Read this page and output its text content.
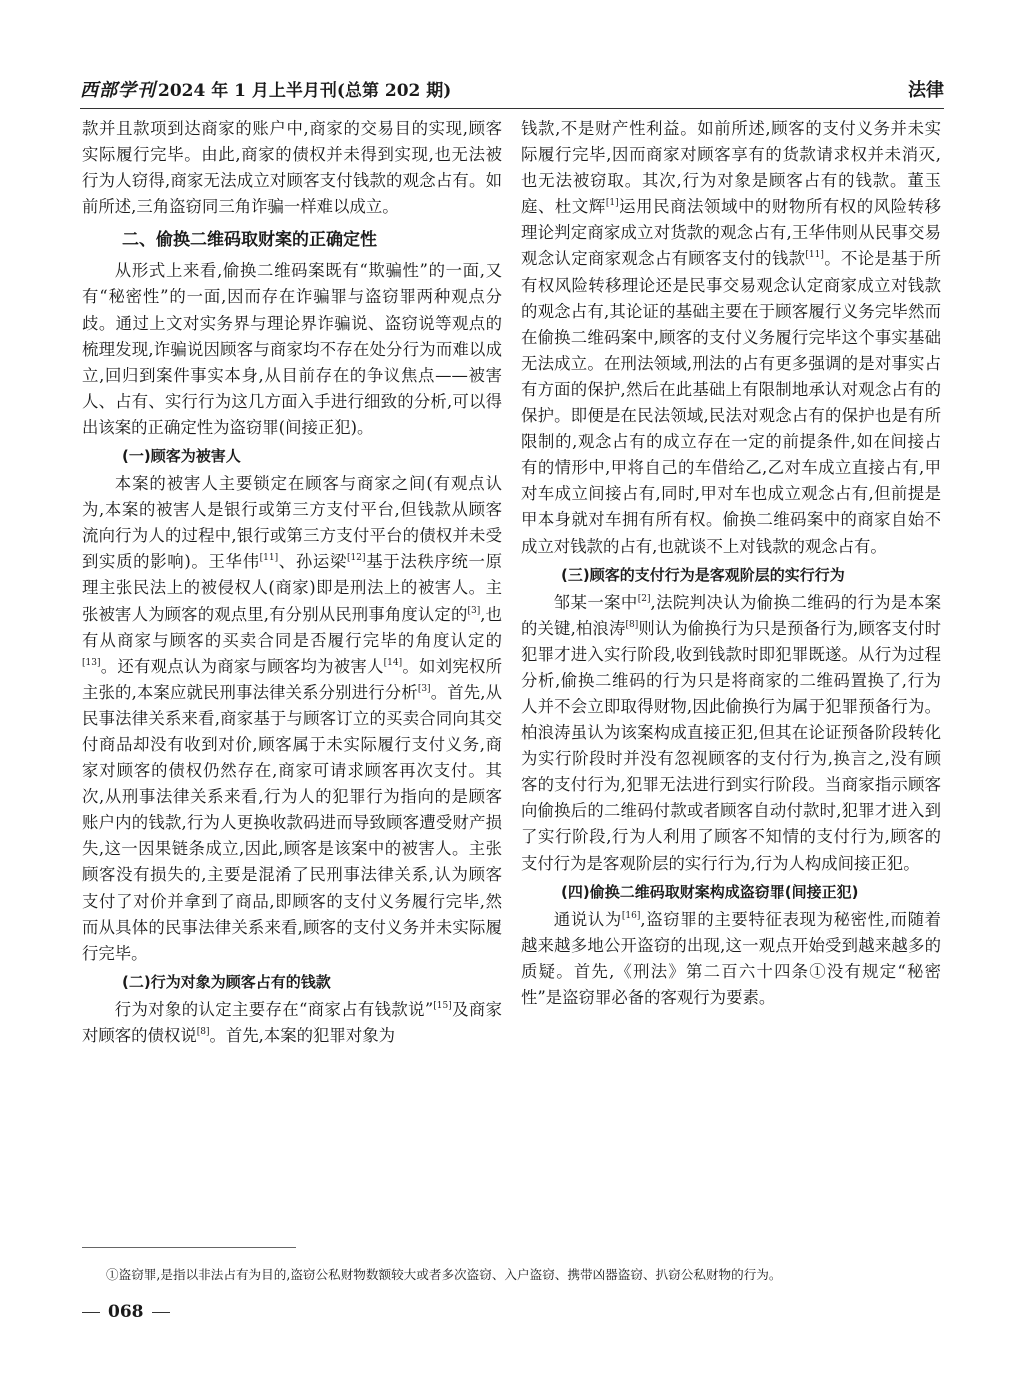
西部学刊 2024 年 1 月上半月刊(总第 202 期)	法律

款并且款项到达商家的账户中,商家的交易目的实现,顾客实际履行完毕。由此,商家的债权并未得到实现,也无法被行为人窃得,商家无法成立对顾客支付钱款的观念占有。如前所述,三角盗窃同三角诈骗一样难以成立。

二、偷换二维码取财案的正确定性

从形式上来看,偷换二维码案既有“欺骗性”的一面,又有“秘密性”的一面,因而存在诈骗罪与盗窃罪两种观点分歧。通过上文对实务界与理论界诈骗说、盗窃说等观点的梳理发现,诈骗说因顾客与商家均不存在处分行为而难以成立,回归到案件事实本身,从目前存在的争议焦点——被害人、占有、实行行为这几方面入手进行细致的分析,可以得出该案的正确定性为盗窃罪(间接正犯)。

(一)顾客为被害人

本案的被害人主要锁定在顾客与商家之间(有观点认为,本案的被害人是银行或第三方支付平台,但钱款从顾客流向行为人的过程中,银行或第三方支付平台的债权并未受到实质的影响)。王华伟[11]、孙运梁[12]基于法秩序统一原理主张民法上的被侵权人(商家)即是刑法上的被害人。主张被害人为顾客的观点里,有分别从民刑事角度认定的[3],也有从商家与顾客的买卖合同是否履行完毕的角度认定的[13]。还有观点认为商家与顾客均为被害人[14]。如刘宪权所主张的,本案应就民刑事法律关系分别进行分析[3]。首先,从民事法律关系来看,商家基于与顾客订立的买卖合同向其交付商品却没有收到对价,顾客属于未实际履行支付义务,商家对顾客的债权仍然存在,商家可请求顾客再次支付。其次,从刑事法律关系来看,行为人的犯罪行为指向的是顾客账户内的钱款,行为人更换收款码进而导致顾客遭受财产损失,这一因果链条成立,因此,顾客是该案中的被害人。主张顾客没有损失的,主要是混淆了民刑事法律关系,认为顾客支付了对价并拿到了商品,即顾客的支付义务履行完毕,然而从具体的民事法律关系来看,顾客的支付义务并未实际履行完毕。

(二)行为对象为顾客占有的钱款

行为对象的认定主要存在“商家占有钱款说”[15]及商家对顾客的债权说[8]。首先,本案的犯罪对象为

钱款,不是财产性利益。如前所述,顾客的支付义务并未实际履行完毕,因而商家对顾客享有的货款请求权并未消灭,也无法被窃取。其次,行为对象是顾客占有的钱款。董玉庭、杜文辉[1]运用民商法领域中的财物所有权的风险转移理论判定商家成立对货款的观念占有,王华伟则从民事交易观念认定商家观念占有顾客支付的钱款[11]。不论是基于所有权风险转移理论还是民事交易观念认定商家成立对钱款的观念占有,其论证的基础主要在于顾客履行义务完毕然而在偷换二维码案中,顾客的支付义务履行完毕这个事实基础无法成立。在刑法领域,刑法的占有更多强调的是对事实占有方面的保护,然后在此基础上有限制地承认对观念占有的保护。即便是在民法领域,民法对观念占有的保护也是有所限制的,观念占有的成立存在一定的前提条件,如在间接占有的情形中,甲将自己的车借给乙,乙对车成立直接占有,甲对车成立间接占有,同时,甲对车也成立观念占有,但前提是甲本身就对车拥有所有权。偷换二维码案中的商家自始不成立对钱款的占有,也就谈不上对钱款的观念占有。

(三)顾客的支付行为是客观阶层的实行行为

邹某一案中[2],法院判决认为偷换二维码的行为是本案的关键,柏浪涛[8]则认为偷换行为只是预备行为,顾客支付时犯罪才进入实行阶段,收到钱款时即犯罪既遂。从行为过程分析,偷换二维码的行为只是将商家的二维码置换了,行为人并不会立即取得财物,因此偷换行为属于犯罪预备行为。柏浪涛虽认为该案构成直接正犯,但其在论证预备阶段转化为实行阶段时并没有忽视顾客的支付行为,换言之,没有顾客的支付行为,犯罪无法进行到实行阶段。当商家指示顾客向偷换后的二维码付款或者顾客自动付款时,犯罪才进入到了实行阶段,行为人利用了顾客不知情的支付行为,顾客的支付行为是客观阶层的实行行为,行为人构成间接正犯。

(四)偷换二维码取财案构成盗窃罪(间接正犯)

通说认为[16],盗窃罪的主要特征表现为秘密性,而随着越来越多地公开盗窃的出现,这一观点开始受到越来越多的质疑。首先,《刑法》第二百六十四条①没有规定“秘密性”是盗窃罪必备的客观行为要素。

①盗窃罪,是指以非法占有为目的,盗窃公私财物数额较大或者多次盗窃、入户盗窃、携带凶器盗窃、扒窃公私财物的行为。
068
